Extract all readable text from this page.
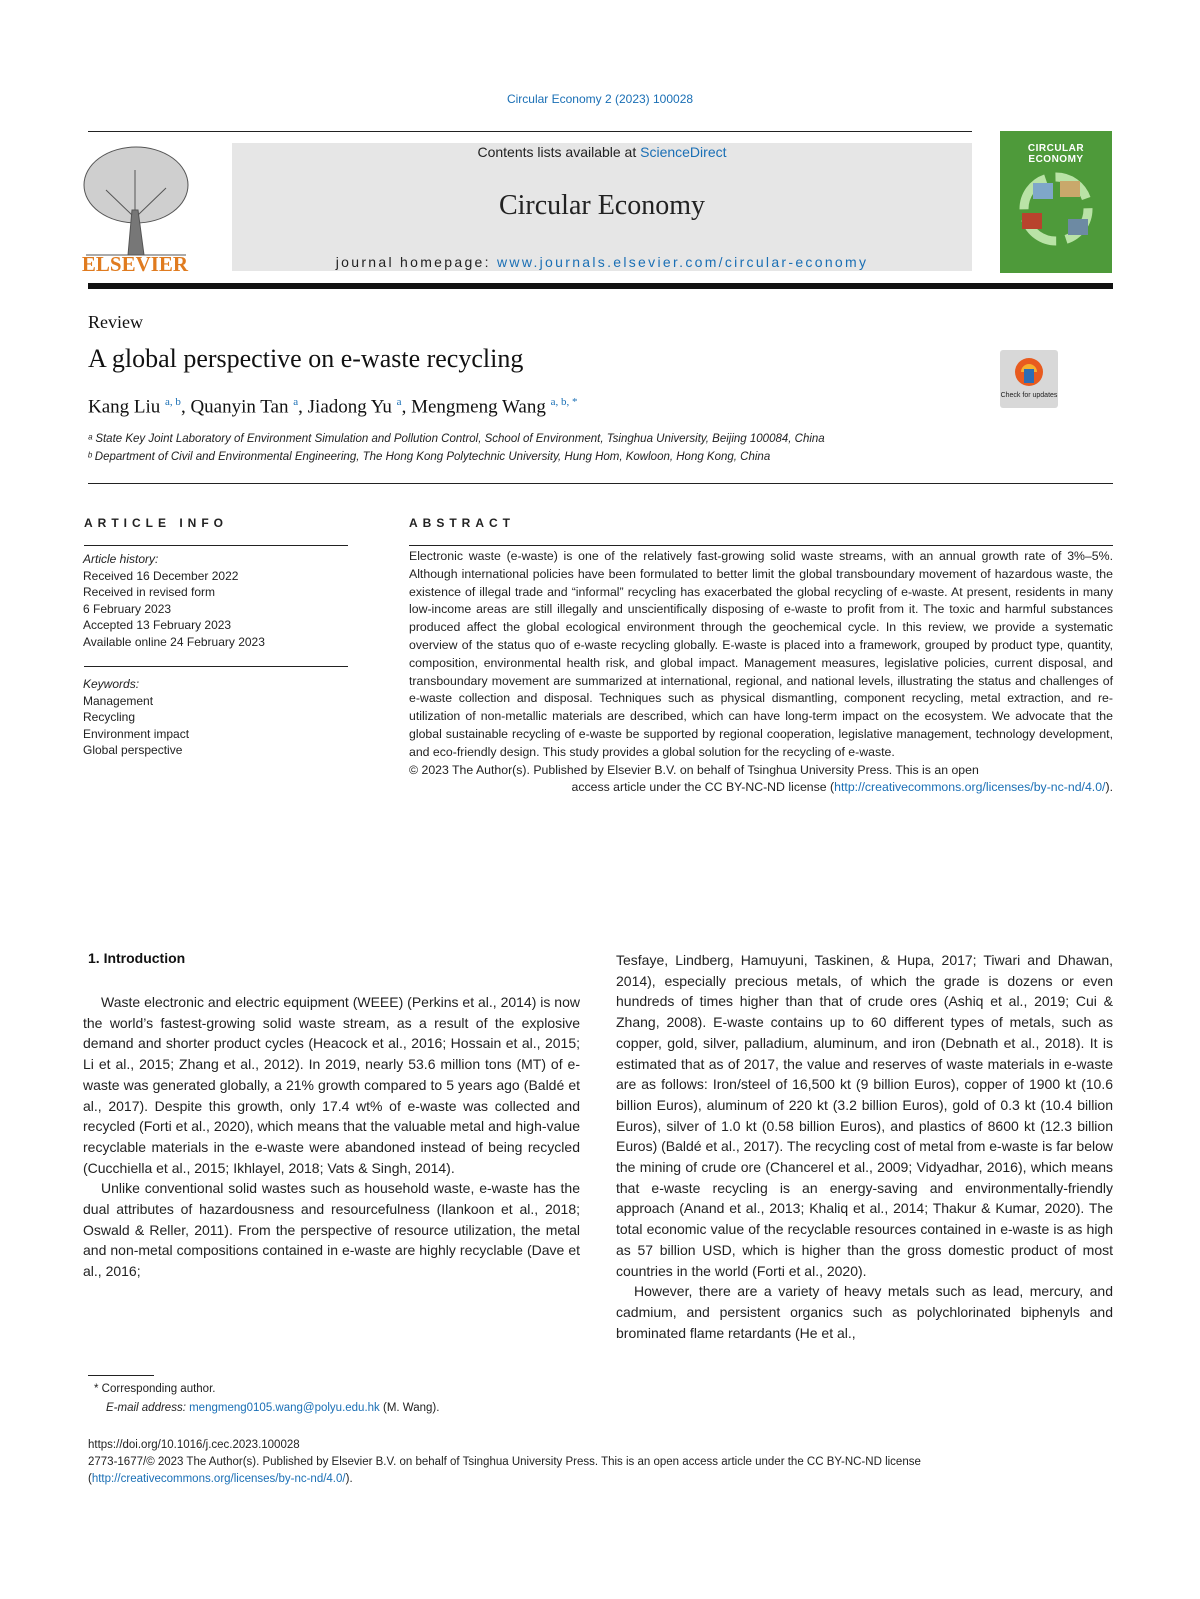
Circular Economy 2 (2023) 100028
ELSEVIER
Contents lists available at ScienceDirect
Circular Economy
journal homepage: www.journals.elsevier.com/circular-economy
CIRCULAR ECONOMY
Review
A global perspective on e-waste recycling
Check for updates
Kang Liu $^{a, b}$, Quanyin Tan $^a$, Jiadong Yu $^a$, Mengmeng Wang $^{a, b, *}$
ᵃ State Key Joint Laboratory of Environment Simulation and Pollution Control, School of Environment, Tsinghua University, Beijing 100084, China
ᵇ Department of Civil and Environmental Engineering, The Hong Kong Polytechnic University, Hung Hom, Kowloon, Hong Kong, China
ARTICLE INFO
Article history:
Received 16 December 2022
Received in revised form
6 February 2023
Accepted 13 February 2023
Available online 24 February 2023
Keywords:
Management
Recycling
Environment impact
Global perspective
ABSTRACT

Electronic waste (e-waste) is one of the relatively fast-growing solid waste streams, with an annual growth rate of 3%–5%. Although international policies have been formulated to better limit the global transboundary movement of hazardous waste, the existence of illegal trade and “informal” recycling has exacerbated the global recycling of e-waste. At present, residents in many low-income areas are still illegally and unscientifically disposing of e-waste to profit from it. The toxic and harmful substances produced affect the global ecological environment through the geochemical cycle. In this review, we provide a systematic overview of the status quo of e-waste recycling globally. E-waste is placed into a framework, grouped by product type, quantity, composition, environmental health risk, and global impact. Management measures, legislative policies, current disposal, and transboundary movement are summarized at international, regional, and national levels, illustrating the status and challenges of e-waste collection and disposal. Techniques such as physical dismantling, component recycling, metal extraction, and re-utilization of non-metallic materials are described, which can have long-term impact on the ecosystem. We advocate that the global sustainable recycling of e-waste be supported by regional cooperation, legislative management, technology development, and eco-friendly design. This study provides a global solution for the recycling of e-waste.

© 2023 The Author(s). Published by Elsevier B.V. on behalf of Tsinghua University Press. This is an open

access article under the CC BY-NC-ND license (http://creativecommons.org/licenses/by-nc-nd/4.0/).

1. Introduction

Waste electronic and electric equipment (WEEE) (Perkins et al., 2014) is now the world’s fastest-growing solid waste stream, as a result of the explosive demand and shorter product cycles (Heacock et al., 2016; Hossain et al., 2015; Li et al., 2015; Zhang et al., 2012). In 2019, nearly 53.6 million tons (MT) of e-waste was generated globally, a 21% growth compared to 5 years ago (Baldé et al., 2017). Despite this growth, only 17.4 wt% of e-waste was collected and recycled (Forti et al., 2020), which means that the valuable metal and high-value recyclable materials in the e-waste were abandoned instead of being recycled (Cucchiella et al., 2015; Ikhlayel, 2018; Vats & Singh, 2014).

Unlike conventional solid wastes such as household waste, e-waste has the dual attributes of hazardousness and resourcefulness (Ilankoon et al., 2018; Oswald & Reller, 2011). From the perspective of resource utilization, the metal and non-metal compositions contained in e-waste are highly recyclable (Dave et al., 2016;

Tesfaye, Lindberg, Hamuyuni, Taskinen, & Hupa, 2017; Tiwari and Dhawan, 2014), especially precious metals, of which the grade is dozens or even hundreds of times higher than that of crude ores (Ashiq et al., 2019; Cui & Zhang, 2008). E-waste contains up to 60 different types of metals, such as copper, gold, silver, palladium, aluminum, and iron (Debnath et al., 2018). It is estimated that as of 2017, the value and reserves of waste materials in e-waste are as follows: Iron/steel of 16,500 kt (9 billion Euros), copper of 1900 kt (10.6 billion Euros), aluminum of 220 kt (3.2 billion Euros), gold of 0.3 kt (10.4 billion Euros), silver of 1.0 kt (0.58 billion Euros), and plastics of 8600 kt (12.3 billion Euros) (Baldé et al., 2017). The recycling cost of metal from e-waste is far below the mining of crude ore (Chancerel et al., 2009; Vidyadhar, 2016), which means that e-waste recycling is an energy-saving and environmentally-friendly approach (Anand et al., 2013; Khaliq et al., 2014; Thakur & Kumar, 2020). The total economic value of the recyclable resources contained in e-waste is as high as 57 billion USD, which is higher than the gross domestic product of most countries in the world (Forti et al., 2020).

However, there are a variety of heavy metals such as lead, mercury, and cadmium, and persistent organics such as polychlorinated biphenyls and brominated flame retardants (He et al.,

* Corresponding author.
E-mail address: mengmeng0105.wang@polyu.edu.hk (M. Wang).
https://doi.org/10.1016/j.cec.2023.100028
2773-1677/© 2023 The Author(s). Published by Elsevier B.V. on behalf of Tsinghua University Press. This is an open access article under the CC BY-NC-ND license (http://creativecommons.org/licenses/by-nc-nd/4.0/).
